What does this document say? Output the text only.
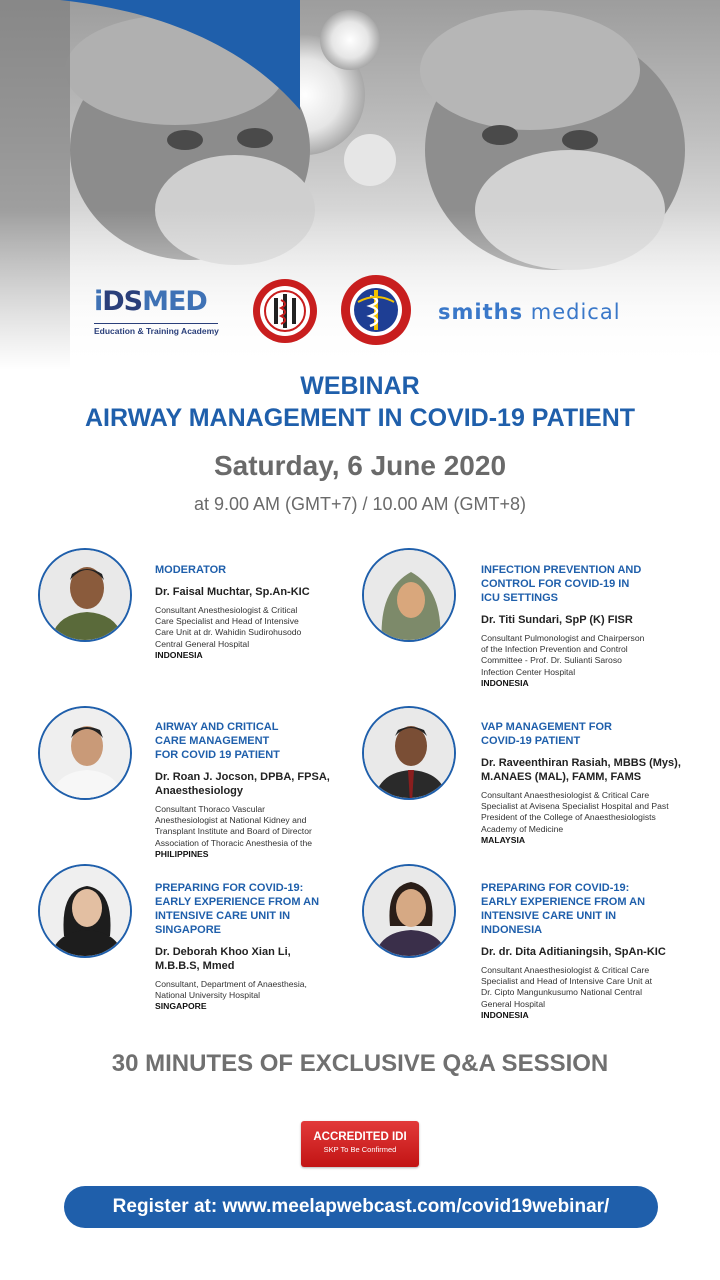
iDSMED
Education & Training Academy
smiths medical
WEBINAR
AIRWAY MANAGEMENT IN COVID-19 PATIENT
Saturday, 6 June 2020
at 9.00 AM (GMT+7) / 10.00 AM (GMT+8)
MODERATOR
Dr. Faisal Muchtar, Sp.An-KIC
Consultant Anesthesiologist & Critical
Care Specialist and Head of Intensive
Care Unit at dr. Wahidin Sudirohusodo
Central General Hospital
INDONESIA
INFECTION PREVENTION AND
CONTROL FOR COVID-19 IN
ICU SETTINGS
Dr. Titi Sundari, SpP (K) FISR
Consultant Pulmonologist and Chairperson
of the Infection Prevention and Control
Committee - Prof. Dr. Sulianti Saroso
Infection Center Hospital
INDONESIA
AIRWAY AND CRITICAL
CARE MANAGEMENT
FOR COVID 19 PATIENT
Dr. Roan J. Jocson, DPBA, FPSA,
Anaesthesiology
Consultant Thoraco Vascular
Anesthesiologist at National Kidney and
Transplant Institute and Board of Director
Association of Thoracic Anesthesia of the
PHILIPPINES
VAP MANAGEMENT FOR
COVID-19 PATIENT
Dr. Raveenthiran Rasiah, MBBS (Mys),
M.ANAES (MAL), FAMM, FAMS
Consultant Anaesthesiologist & Critical Care
Specialist at Avisena Specialist Hospital and Past
President of the College of Anaesthesiologists
Academy of Medicine
MALAYSIA
PREPARING FOR COVID-19:
EARLY EXPERIENCE FROM AN
INTENSIVE CARE UNIT IN
SINGAPORE
Dr. Deborah Khoo Xian Li,
M.B.B.S, Mmed
Consultant, Department of Anaesthesia,
National University Hospital
SINGAPORE
PREPARING FOR COVID-19:
EARLY EXPERIENCE FROM AN
INTENSIVE CARE UNIT IN
INDONESIA
Dr. dr. Dita Aditianingsih, SpAn-KIC
Consultant Anaesthesiologist & Critical Care
Specialist and Head of Intensive Care Unit at
Dr. Cipto Mangunkusumo National Central
General Hospital
INDONESIA
30 MINUTES OF EXCLUSIVE Q&A SESSION
ACCREDITED IDI
SKP To Be Confirmed
Register at: www.meelapwebcast.com/covid19webinar/
